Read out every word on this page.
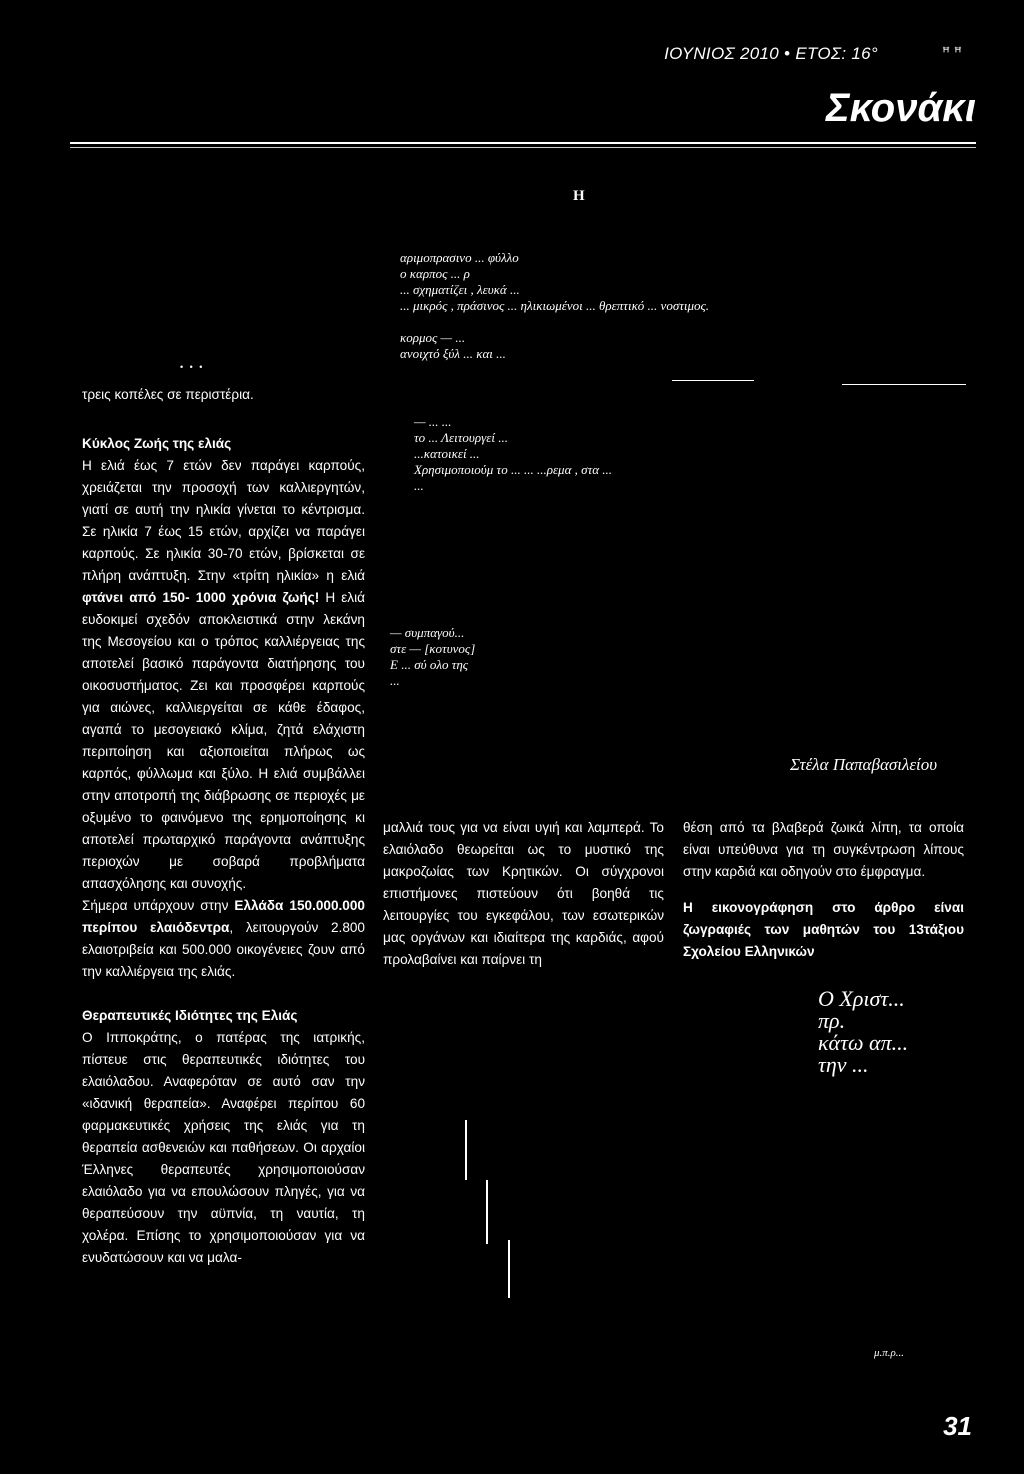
ΙΟΥΝΙΟΣ 2010 • ΕΤΟΣ: 16°	ꟸ ꟸ
Σκονάκι
Η
αριμοπρασινο ... φύλλο
ο καρπος ... ρ
... σχηματίζει , λευκά ...
... μικρός , πράσινος ... ηλικιωμένοι ... θρεπτικό ... νοστιμος.
κορμος — ...
ανοιχτό ξύλ ... και ...
— ... ...
το ... Λειτουργεί ...
...κατοικεί ...
Χρησιμοποιούμ το ... ... ...ρεμα , στα ...
...
— συμπαγού...
στε — [κοτυνος]
Ε ... σύ ολο της
...
Στέλα Παπαβασιλείου
• • •
τρεις κοπέλες σε περιστέρια.

Κύκλος Ζωής της ελιάς

Η ελιά έως 7 ετών δεν παράγει καρπούς, χρειάζεται την προσοχή των καλλιεργητών, γιατί σε αυτή την ηλικία γίνεται το κέντρισμα. Σε ηλικία 7 έως 15 ετών, αρχίζει να παράγει καρπούς. Σε ηλικία 30-70 ετών, βρίσκεται σε πλήρη ανάπτυξη. Στην «τρίτη ηλικία» η ελιά φτάνει από 150- 1000 χρόνια ζωής! Η ελιά ευδοκιμεί σχεδόν αποκλειστικά στην λεκάνη της Μεσογείου και ο τρόπος καλλιέργειας της αποτελεί βασικό παράγοντα διατήρησης του οικοσυστήματος. Ζει και προσφέρει καρπούς για αιώνες, καλλιεργείται σε κάθε έδαφος, αγαπά το μεσογειακό κλίμα, ζητά ελάχιστη περιποίηση και αξιοποιείται πλήρως ως καρπός, φύλλωμα και ξύλο. Η ελιά συμβάλλει στην αποτροπή της διάβρωσης σε περιοχές με οξυμένο το φαινόμενο της ερημοποίησης κι αποτελεί πρωταρχικό παράγοντα ανάπτυξης περιοχών με σοβαρά προβλήματα απασχόλησης και συνοχής.

Σήμερα υπάρχουν στην Ελλάδα 150.000.000 περίπου ελαιόδεντρα, λειτουργούν 2.800 ελαιοτριβεία και 500.000 οικογένειες ζουν από την καλλιέργεια της ελιάς.

Θεραπευτικές Ιδιότητες της Ελιάς

Ο Ιπποκράτης, ο πατέρας της ιατρικής, πίστευε στις θεραπευτικές ιδιότητες του ελαιόλαδου. Αναφερόταν σε αυτό σαν την «ιδανική θεραπεία». Αναφέρει περίπου 60 φαρμακευτικές χρήσεις της ελιάς για τη θεραπεία ασθενειών και παθήσεων. Οι αρχαίοι Έλληνες θεραπευτές χρησιμοποιούσαν ελαιόλαδο για να επουλώσουν πληγές, για να θεραπεύσουν την αϋπνία, τη ναυτία, τη χολέρα. Επίσης το χρησιμοποιούσαν για να ενυδατώσουν και να μαλα-

μαλλιά τους για να είναι υγιή και λαμπερά. Το ελαιόλαδο θεωρείται ως το μυστικό της μακροζωίας των Κρητικών. Οι σύγχρονοι επιστήμονες πιστεύουν ότι βοηθά τις λειτουργίες του εγκεφάλου, των εσωτερικών μας οργάνων και ιδιαίτερα της καρδιάς, αφού προλαβαίνει και παίρνει τη
θέση από τα βλαβερά ζωικά λίπη, τα οποία είναι υπεύθυνα για τη συγκέντρωση λίπους στην καρδιά και οδηγούν στο έμφραγμα.
Η εικονογράφηση στο άρθρο είναι ζωγραφιές των μαθητών του 13τάξιου Σχολείου Ελληνικών
Ο Χριστ...
πρ.
κάτω απ...
την ...
μ.π.ρ...
31
